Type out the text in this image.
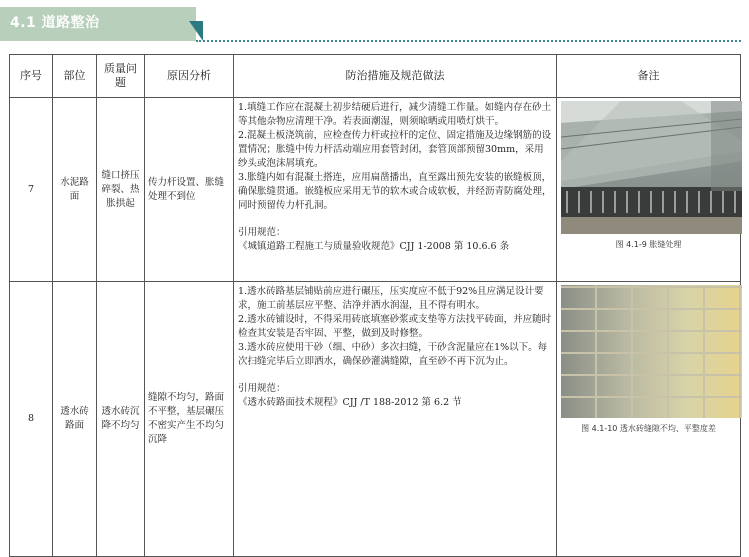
4.1 道路整治
序号	部位	质量问题	原因分析	防治措施及规范做法	备注
7	水泥路面	缝口挤压碎裂、热胀拱起	传力杆设置、胀缝处理不到位	1.填缝工作应在混凝土初步结硬后进行，减少清缝工作量。如缝内存在砂土等其他杂物应清理干净。若表面潮湿，则须晾晒或用喷灯烘干。

2.混凝土板浇筑前，应检查传力杆或拉杆的定位、固定措施及边缘钢筋的设置情况；胀缝中传力杆活动端应用套管封闭，套管顶部预留30mm，采用纱头或泡沫屑填充。

3.胀缝内如有混凝土搭连，应用扁凿播出，直至露出预先安装的嵌缝板顶，确保胀缝贯通。嵌缝板应采用无节的软木或合成软板，并经沥青防腐处理，同时预留传力杆孔洞。

引用规范：

《城镇道路工程施工与质量验收规范》CJJ 1-2008 第 10.6.6 条	图 4.1-9 胀缝处理

8	透水砖路面	透水砖沉降不均匀	缝隙不均匀，路面不平整，基层碾压不密实产生不均匀沉降	1.透水砖路基层铺贴前应进行碾压，压实度应不低于92%且应满足设计要求，施工前基层应平整、洁净并洒水润湿，且不得有明水。

2.透水砖铺设时，不得采用砖底填塞砂浆或支垫等方法找平砖面，并应随时检查其安装是否牢固、平整，做到及时修整。

3.透水砖应使用干砂（细、中砂）多次扫缝，干砂含泥量应在1%以下。每次扫缝完毕后立即洒水，确保砂灌满缝隙，直至砂不再下沉为止。

引用规范：

《透水砖路面技术规程》CJJ /T 188-2012 第 6.2 节	图 4.1-10 透水砖缝隙不均、平整度差
